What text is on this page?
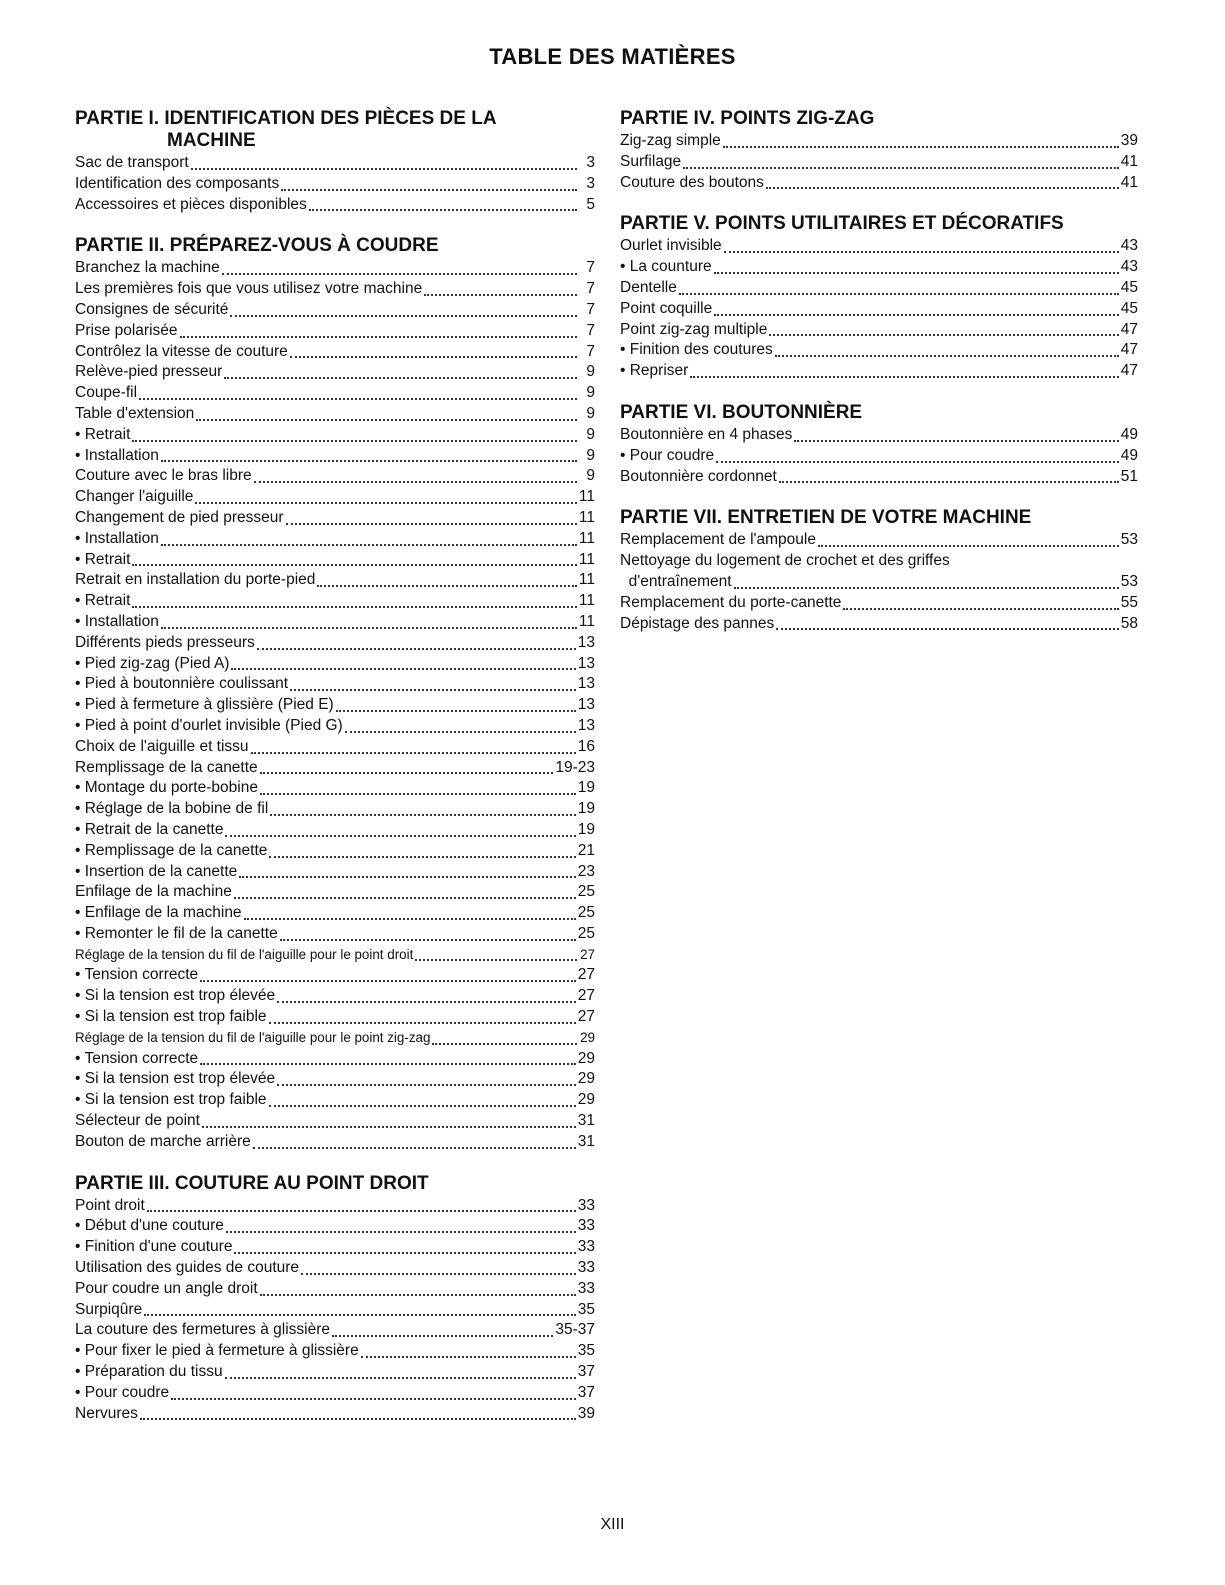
TABLE DES MATIÈRES
PARTIE I. IDENTIFICATION DES PIÈCES DE LA
MACHINE
Sac de transport	3
Identification des composants	3
Accessoires et pièces disponibles	5
PARTIE II. PRÉPAREZ-VOUS À COUDRE
Branchez la machine	7
Les premières fois que vous utilisez votre machine	7
Consignes de sécurité	7
Prise polarisée	7
Contrôlez la vitesse de couture	7
Relève-pied presseur	9
Coupe-fil	9
Table d'extension	9
• Retrait	9
• Installation	9
Couture avec le bras libre	9
Changer l'aiguille	11
Changement de pied presseur	11
• Installation	11
• Retrait	11
Retrait en installation du porte-pied	11
• Retrait	11
• Installation	11
Différents pieds presseurs	13
• Pied zig-zag (Pied A)	13
• Pied à boutonnière coulissant	13
• Pied à fermeture à glissière (Pied E)	13
• Pied à point d'ourlet invisible (Pied G)	13
Choix de l'aiguille et tissu	16
Remplissage de la canette	19-23
• Montage du porte-bobine	19
• Réglage de la bobine de fil	19
• Retrait de la canette	19
• Remplissage de la canette	21
• Insertion de la canette	23
Enfilage de la machine	25
• Enfilage de la machine	25
• Remonter le fil de la canette	25
Réglage de la tension du fil de l'aiguille pour le point droit	27
• Tension correcte	27
• Si la tension est trop élevée	27
• Si la tension est trop faible	27
Réglage de la tension du fil de l'aiguille pour le point zig-zag	29
• Tension correcte	29
• Si la tension est trop élevée	29
• Si la tension est trop faible	29
Sélecteur de point	31
Bouton de marche arrière	31
PARTIE III. COUTURE AU POINT DROIT
Point droit	33
• Début d'une couture	33
• Finition d'une couture	33
Utilisation des guides de couture	33
Pour coudre un angle droit	33
Surpiqûre	35
La couture des fermetures à glissière	35-37
• Pour fixer le pied à fermeture à glissière	35
• Préparation du tissu	37
• Pour coudre	37
Nervures	39
PARTIE IV. POINTS ZIG-ZAG
Zig-zag simple	39
Surfilage	41
Couture des boutons	41
PARTIE V. POINTS UTILITAIRES ET DÉCORATIFS
Ourlet invisible	43
• La counture	43
Dentelle	45
Point coquille	45
Point zig-zag multiple	47
• Finition des coutures	47
• Repriser	47
PARTIE VI. BOUTONNIÈRE
Boutonnière en 4 phases	49
• Pour coudre	49
Boutonnière cordonnet	51
PARTIE VII. ENTRETIEN DE VOTRE MACHINE
Remplacement de l'ampoule	53
Nettoyage du logement de crochet et des griffes
d'entraînement	53
Remplacement du porte-canette	55
Dépistage des pannes	58
XIII
